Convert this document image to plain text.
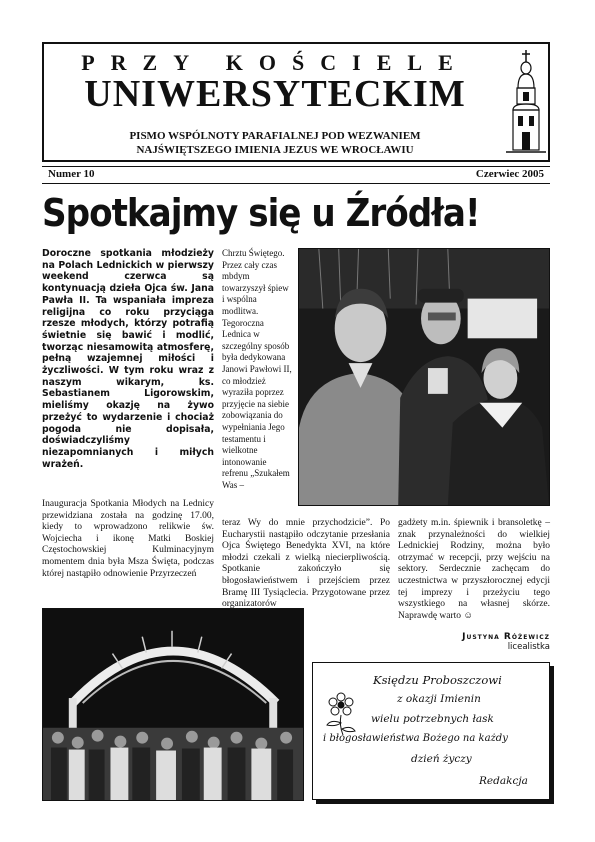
PRZY KOŚCIELE
UNIWERSYTECKIM
PISMO WSPÓLNOTY PARAFIALNEJ POD WEZWANIEM
NAJŚWIĘTSZEGO IMIENIA JEZUS WE WROCŁAWIU
Numer 10	Czerwiec 2005
Spotkajmy się u Źródła!
Doroczne spotkania młodzieży na Polach Lednickich w pierwszy weekend czerwca są kontynuacją dzieła Ojca św. Jana Pawła II. Ta wspaniała impreza religijna co roku przyciąga rzesze młodych, którzy potrafią świetnie się bawić i modlić, tworząc niesamowitą atmosferę, pełną wzajemnej miłości i życzliwości. W tym roku wraz z naszym wikarym, ks. Sebastianem Ligorowskim, mieliśmy okazję na żywo przeżyć to wydarzenie i chociaż pogoda nie dopisała, doświadczyliśmy niezapomnianych i miłych wrażeń.
Chrztu Świętego. Przez cały czas mbdym towarzyszył śpiew i wspólna modlitwa. Tegoroczna Lednica w szczególny sposób była dedykowana Janowi Pawłowi II, co młodzież wyraziła poprzez przyjęcie na siebie zobowiązania do wypełniania Jego testamentu i wielkotne intonowanie refrenu „Szukałem Was –
Inauguracja Spotkania Młodych na Lednicy przewidziana została na godzinę 17.00, kiedy to wprowadzono relikwie św. Wojciecha i ikonę Matki Boskiej Częstochowskiej Kulminacyjnym momentem dnia była Msza Święta, podczas której nastąpiło odnowienie Przyrzeczeń
teraz Wy do mnie przychodzicie”. Po Eucharystii nastąpiło odczytanie przesłania Ojca Świętego Benedykta XVI, na które młodzi czekali z wielką niecierpliwością. Spotkanie zakończyło się błogosławieństwem i przejściem przez Bramę III Tysiąclecia. Przygotowane przez organizatorów
gadżety m.in. śpiewnik i bransoletkę – znak przynależności do wielkiej Lednickiej Rodziny, można było otrzymać w recepcji, przy wejściu na sektory. Serdecznie zachęcam do uczestnictwa w przyszłorocznej edycji tej imprezy i przeżyciu tego wszystkiego na własnej skórze. Naprawdę warto ☺
Justyna Różewicz
licealistka
Księdzu Proboszczowi
z okazji Imienin
wielu potrzebnych łask
i błogosławieństwa Bożego na każdy
dzień życzy
Redakcja
